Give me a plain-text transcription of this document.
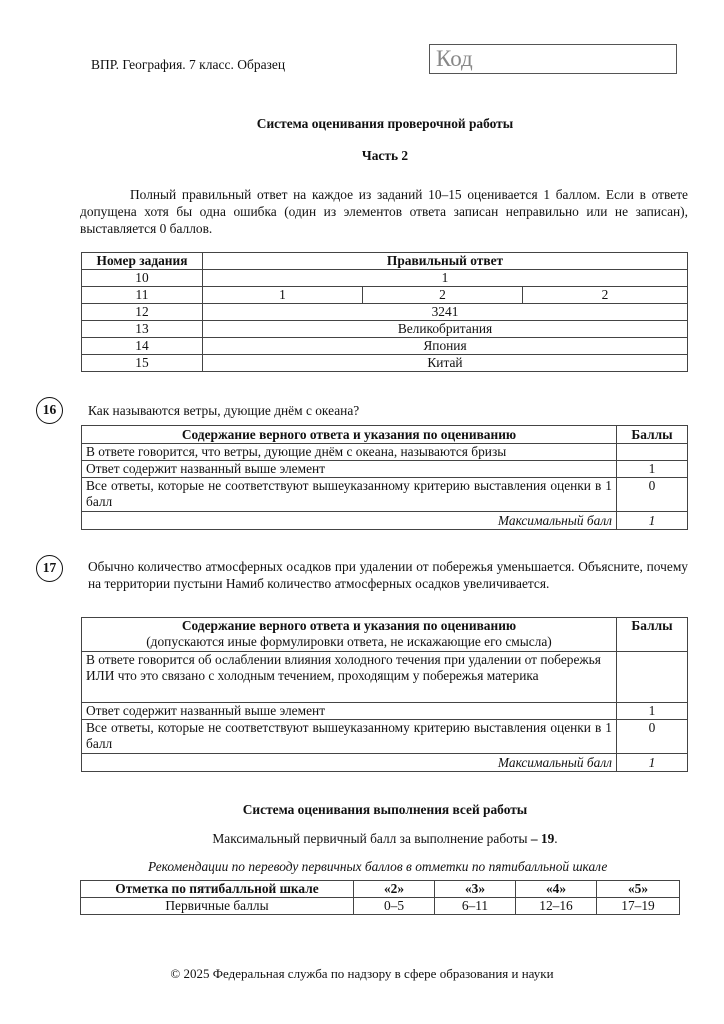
ВПР. География. 7 класс. Образец	Код
Система оценивания проверочной работы
Часть 2
Полный правильный ответ на каждое из заданий 10–15 оценивается 1 баллом. Если в ответе допущена хотя бы одна ошибка (один из элементов ответа записан неправильно или не записан), выставляется 0 баллов.
Номер задания	Правильный ответ		
10	1		
11	1	2	2
12	3241		
13	Великобритания		
14	Япония		
15	Китай		
16	Как называются ветры, дующие днём с океана?
Содержание верного ответа и указания по оцениванию	Баллы
В ответе говорится, что ветры, дующие днём с океана, называются бризы	
Ответ содержит названный выше элемент	1
Все ответы, которые не соответствуют вышеуказанному критерию выставления оценки в 1 балл	0
Максимальный балл	1
17	Обычно количество атмосферных осадков при удалении от побережья уменьшается. Объясните, почему на территории пустыни Намиб количество атмосферных осадков увеличивается.
Содержание верного ответа и указания по оцениванию
(допускаются иные формулировки ответа, не искажающие его смысла)	Баллы

В ответе говорится об ослаблении влияния холодного течения при удалении от побережья
ИЛИ что это связано с холодным течением, проходящим у побережья материка	

Ответ содержит названный выше элемент	1
Все ответы, которые не соответствуют вышеуказанному критерию выставления оценки в 1 балл	0
Максимальный балл	1
Система оценивания выполнения всей работы
Максимальный первичный балл за выполнение работы – 19.
Рекомендации по переводу первичных баллов в отметки по пятибалльной шкале
Отметка по пятибалльной шкале	«2»	«3»	«4»	«5»
Первичные баллы	0–5	6–11	12–16	17–19
© 2025 Федеральная служба по надзору в сфере образования и науки
